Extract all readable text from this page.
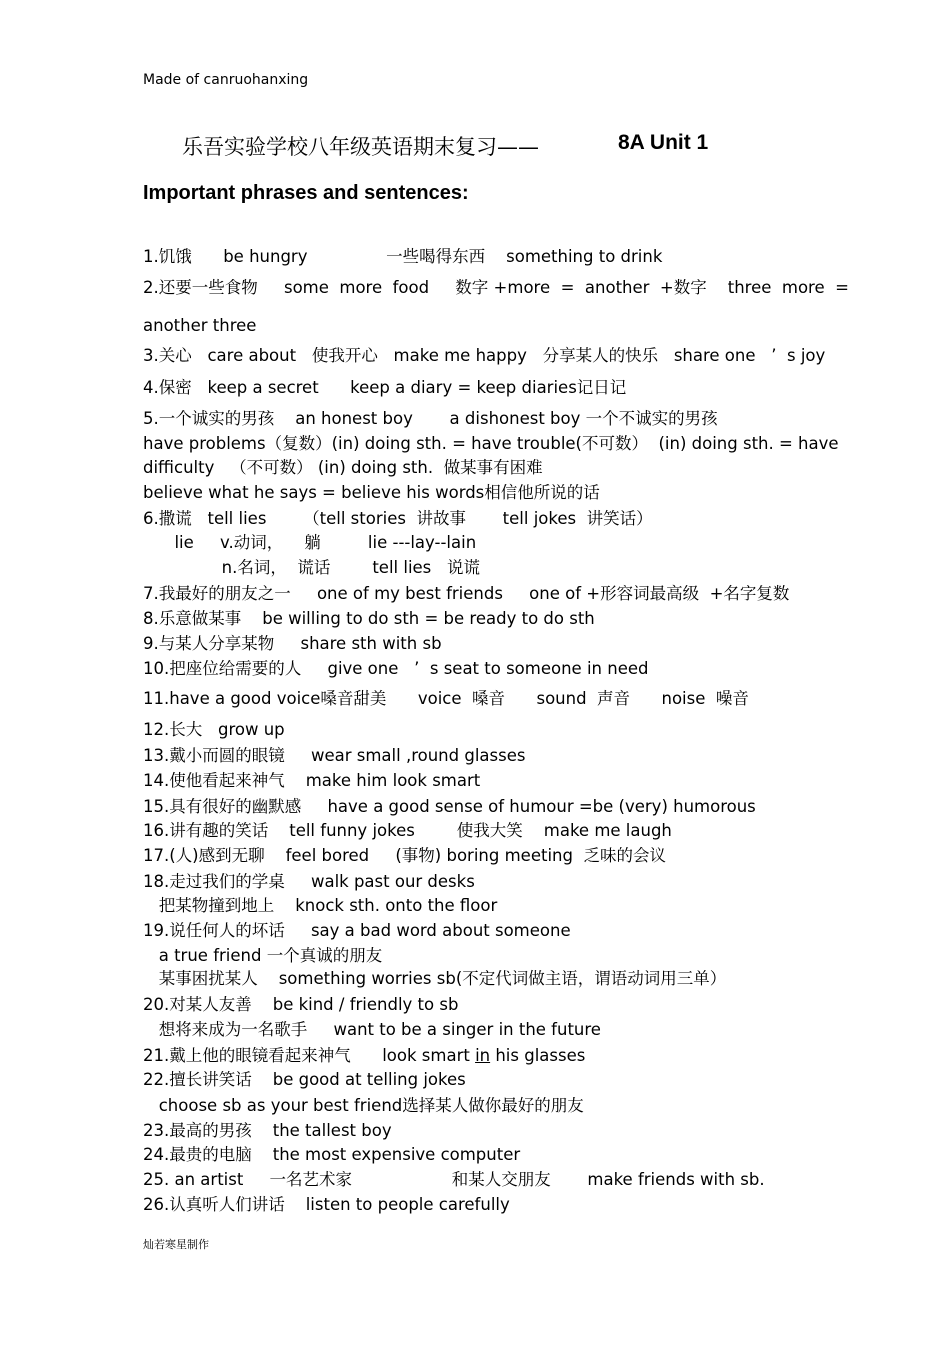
Made of canruohanxing
乐吾实验学校八年级英语期末复习——	8A Unit 1
Important phrases and sentences:
1.饥饿      be hungry               一些喝得东西    something to drink
2.还要一些食物     some  more  food     数字 +more  =  another  +数字    three  more  =
another three
3.关心   care about   使我开心   make me happy   分享某人的快乐   share one   ’  s joy
4.保密   keep a secret      keep a diary = keep diaries记日记
5.一个诚实的男孩    an honest boy       a dishonest boy 一个不诚实的男孩
have problems（复数）(in) doing sth. = have trouble(不可数）  (in) doing sth. = have
difficulty   （不可数） (in) doing sth.  做某事有困难
believe what he says = believe his words相信他所说的话
6.撒谎   tell lies       （tell stories  讲故事       tell jokes  讲笑话）
lie     v.动词，    躺         lie ---lay--lain
n.名词，  谎话        tell lies   说谎
7.我最好的朋友之一     one of my best friends     one of +形容词最高级  +名字复数
8.乐意做某事    be willing to do sth = be ready to do sth
9.与某人分享某物     share sth with sb
10.把座位给需要的人     give one   ’  s seat to someone in need
11.have a good voice嗓音甜美      voice  嗓音      sound  声音      noise  噪音
12.长大   grow up
13.戴小而圆的眼镜     wear small ,round glasses
14.使他看起来神气    make him look smart
15.具有很好的幽默感     have a good sense of humour =be (very) humorous
16.讲有趣的笑话    tell funny jokes        使我大笑    make me laugh
17.(人)感到无聊    feel bored     (事物) boring meeting  乏味的会议
18.走过我们的学桌     walk past our desks
把某物撞到地上    knock sth. onto the floor
19.说任何人的坏话     say a bad word about someone
a true friend 一个真诚的朋友
某事困扰某人    something worries sb(不定代词做主语，谓语动词用三单）
20.对某人友善    be kind / friendly to sb
想将来成为一名歌手     want to be a singer in the future
21.戴上他的眼镜看起来神气      look smart in his glasses
22.擅长讲笑话    be good at telling jokes
choose sb as your best friend选择某人做你最好的朋友
23.最高的男孩    the tallest boy
24.最贵的电脑    the most expensive computer
25. an artist     一名艺术家                   和某人交朋友       make friends with sb.
26.认真听人们讲话    listen to people carefully
灿若寒星制作
